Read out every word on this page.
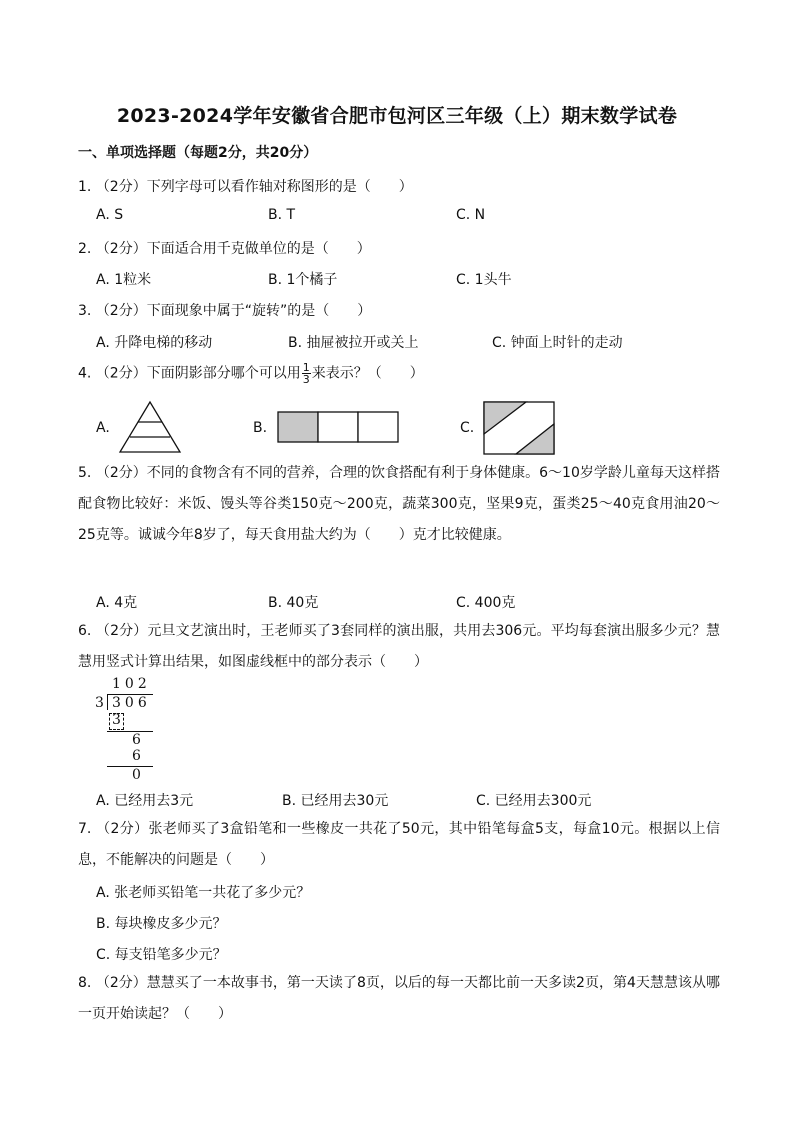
2023-2024学年安徽省合肥市包河区三年级（上）期末数学试卷
一、单项选择题（每题2分，共20分）
1. （2分）下列字母可以看作轴对称图形的是（　　）
A. S	B. T	C. N
2. （2分）下面适合用千克做单位的是（　　）
A. 1粒米	B. 1个橘子	C. 1头牛
3. （2分）下面现象中属于“旋转”的是（　　）
A. 升降电梯的移动	B. 抽屉被拉开或关上	C. 钟面上时针的走动
4. （2分）下面阴影部分哪个可以用 $\frac{1}{3}$ 来表示？（　　）
A.	B.	C.
5. （2分）不同的食物含有不同的营养，合理的饮食搭配有利于身体健康。6～10岁学龄儿童每天这样搭配食物比较好：米饭、馒头等谷类150克～200克，蔬菜300克，坚果9克，蛋类25～40克食用油20～25克等。诚诚今年8岁了，每天食用盐大约为（　　）克才比较健康。
A. 4克	B. 40克	C. 400克
6. （2分）元旦文艺演出时，王老师买了3套同样的演出服，共用去306元。平均每套演出服多少元？慧慧用竖式计算出结果，如图虚线框中的部分表示（　　）
102
3 306
3
6
6
0
A. 已经用去3元	B. 已经用去30元	C. 已经用去300元
7. （2分）张老师买了3盒铅笔和一些橡皮一共花了50元，其中铅笔每盒5支，每盒10元。根据以上信息，不能解决的问题是（　　）
A. 张老师买铅笔一共花了多少元？
B. 每块橡皮多少元？
C. 每支铅笔多少元？
8. （2分）慧慧买了一本故事书，第一天读了8页，以后的每一天都比前一天多读2页，第4天慧慧该从哪一页开始读起？（　　）
